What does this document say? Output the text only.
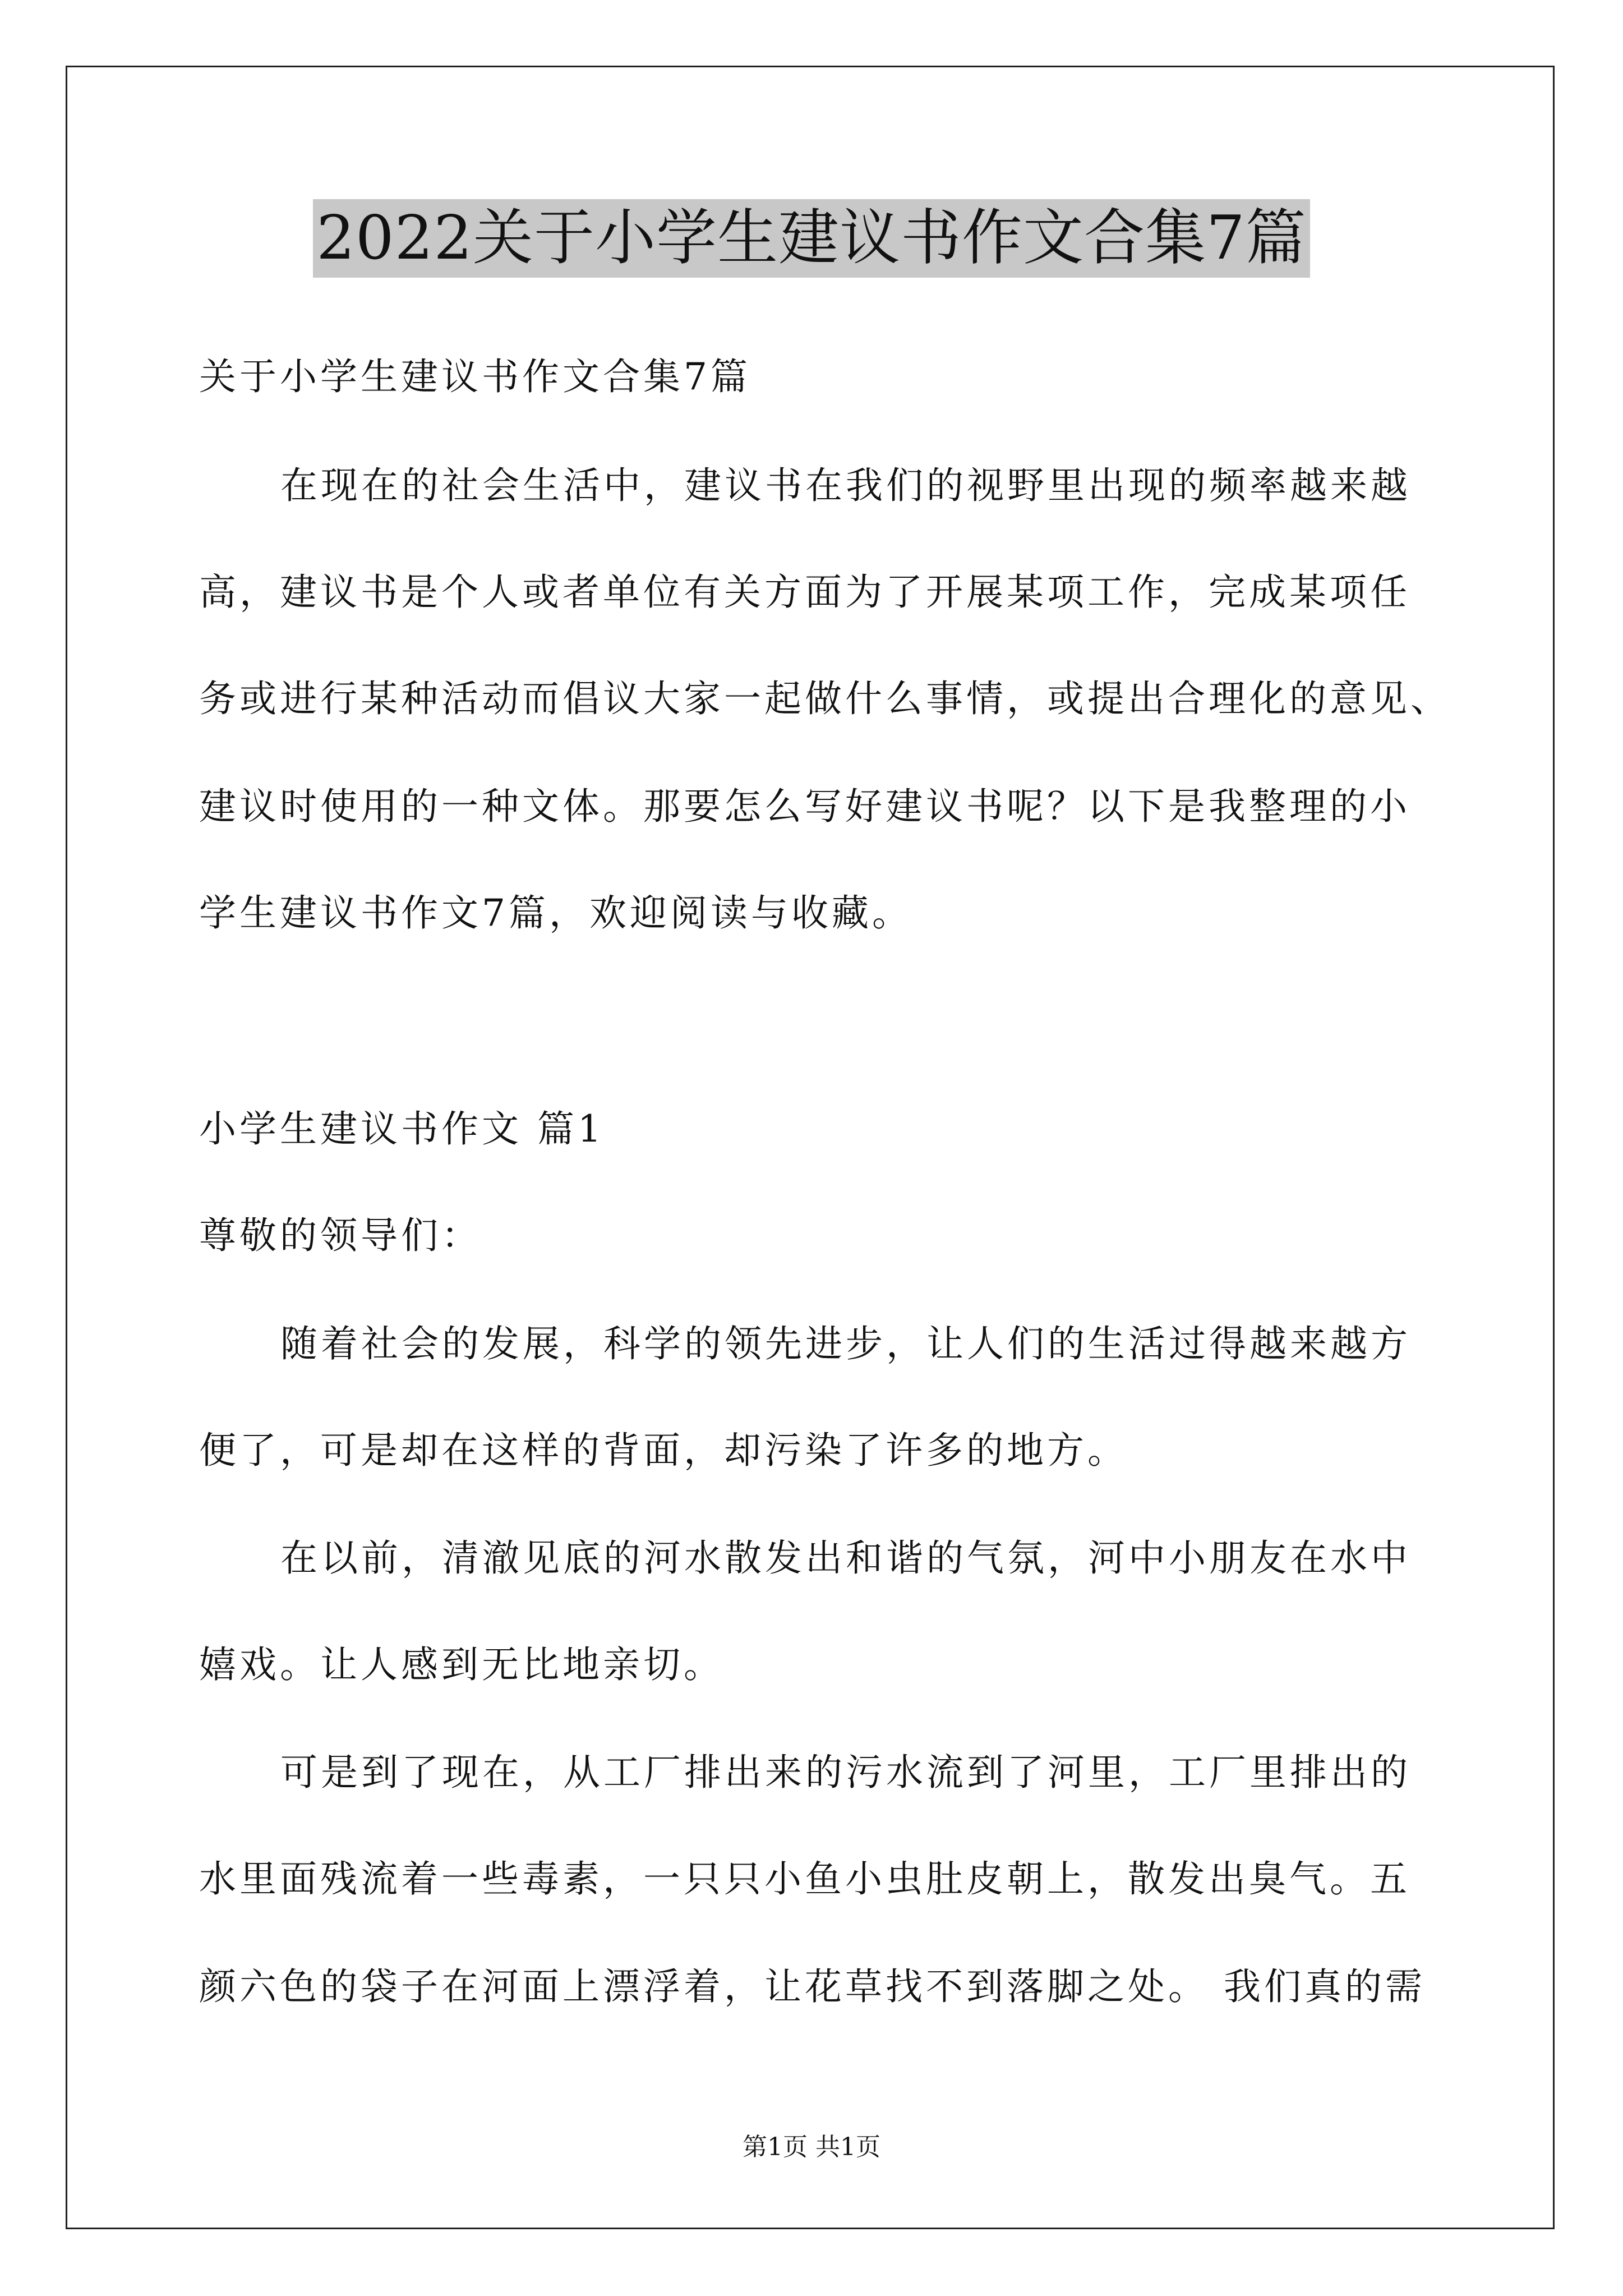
2022关于小学生建议书作文合集7篇
关于小学生建议书作文合集7篇
在现在的社会生活中，建议书在我们的视野里出现的频率越来越
高，建议书是个人或者单位有关方面为了开展某项工作，完成某项任
务或进行某种活动而倡议大家一起做什么事情，或提出合理化的意见、
建议时使用的一种文体。那要怎么写好建议书呢？以下是我整理的小
学生建议书作文7篇，欢迎阅读与收藏。
小学生建议书作文 篇1
尊敬的领导们：
随着社会的发展，科学的领先进步，让人们的生活过得越来越方
便了，可是却在这样的背面，却污染了许多的地方。
在以前，清澈见底的河水散发出和谐的气氛，河中小朋友在水中
嬉戏。让人感到无比地亲切。
可是到了现在，从工厂排出来的污水流到了河里，工厂里排出的
水里面残流着一些毒素，一只只小鱼小虫肚皮朝上，散发出臭气。五
颜六色的袋子在河面上漂浮着，让花草找不到落脚之处。 我们真的需
第1页 共1页
